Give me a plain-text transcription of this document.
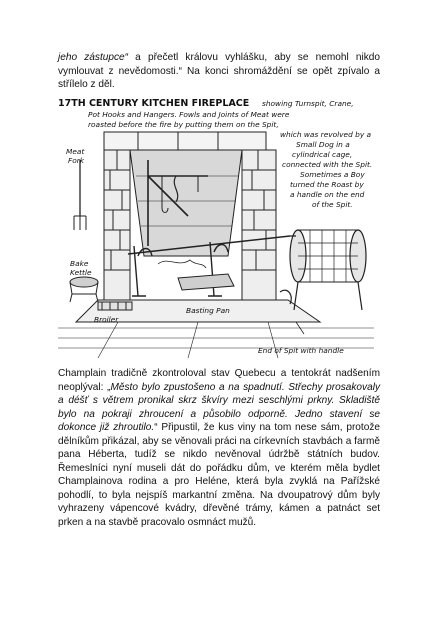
jeho zástupce“ a přečetl královu vyhlášku, aby se nemohl nikdo vymlouvat z nevědomosti.“ Na konci shromáždění se opět zpívalo a střílelo z děl.

17TH CENTURY KITCHEN FIREPLACE showing Turnspit, Crane,
Pot Hooks and Hangers. Fowls and Joints of Meat were
roasted before the fire by putting them on the Spit,
which was revolved by a
Small Dog in a
cylindrical cage,
connected with the Spit.
Sometimes a Boy
turned the Roast by
a handle on the end
of the Spit.
Meat
Fork
Bake
Kettle
Broiler
Basting Pan
End of Spit with handle

Champlain tradičně zkontroloval stav Quebecu a tentokrát nadšením neoplýval: „Město bylo zpustošeno a na spadnutí. Střechy prosakovaly a déšť s větrem pronikal skrz škvíry mezi seschlými prkny. Skladiště bylo na pokraji zhroucení a působilo odporně. Jedno stavení se dokonce již zhroutilo.“ Připustil, že kus viny na tom nese sám, protože dělníkům přikázal, aby se věnovali práci na církevních stavbách a farmě pana Héberta, tudíž se nikdo nevěnoval údržbě státních budov. Řemeslníci nyní museli dát do pořádku dům, ve kterém měla bydlet Champlainova rodina a pro Heléne, která byla zvyklá na Pařížské pohodlí, to byla nejspíš markantní změna. Na dvoupatrový dům byly vyhrazeny vápencové kvádry, dřevěné trámy, kámen a patnáct set prken a na stavbě pracovalo osmnáct mužů.
